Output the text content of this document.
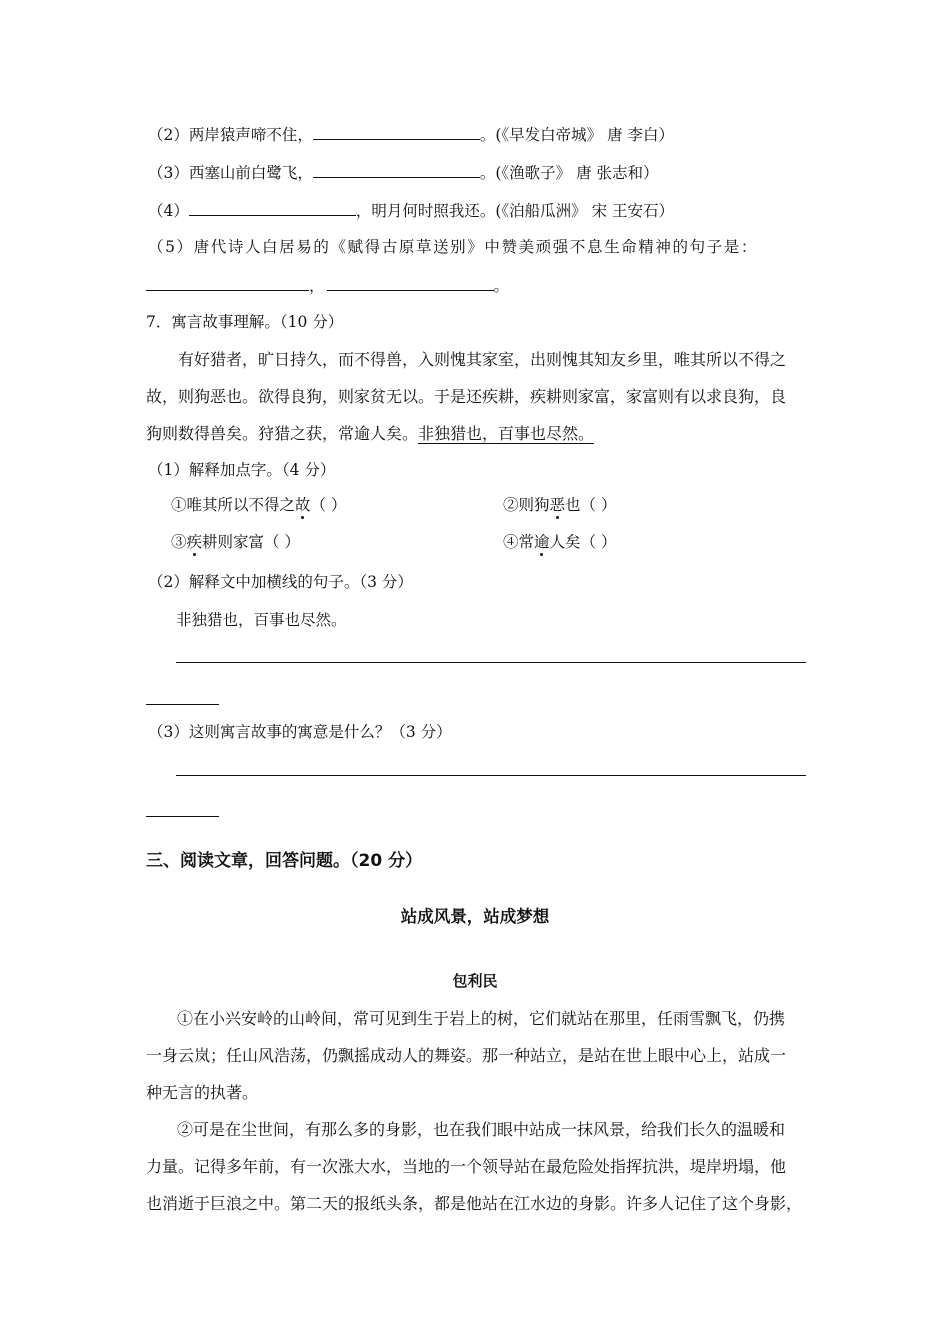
（2）两岸猿声啼不住，	。(《早发白帝城》 唐 李白）
（3）西塞山前白鹭飞，	。(《渔歌子》 唐 张志和）
（4）	，明月何时照我还。(《泊船瓜洲》 宋 王安石）
（5）唐代诗人白居易的《赋得古原草送别》中赞美顽强不息生命精神的句子是：
，	。
7．寓言故事理解。（10 分）
有好猎者，旷日持久，而不得兽，入则愧其家室，出则愧其知友乡里，唯其所以不得之
故，则狗恶也。欲得良狗，则家贫无以。于是还疾耕，疾耕则家富，家富则有以求良狗，良
狗则数得兽矣。狩猎之获，常逾人矣。非独猎也，百事也尽然。
（1）解释加点字。（4 分）
①唯其所以不得之故（ ）	②则狗恶也（ ）
③疾耕则家富（ ）	④常逾人矣（ ）
（2）解释文中加横线的句子。（3 分）
非独猎也，百事也尽然。
（3）这则寓言故事的寓意是什么？（3 分）
三、阅读文章，回答问题。（20 分）
站成风景，站成梦想
包利民
①在小兴安岭的山岭间，常可见到生于岩上的树，它们就站在那里，任雨雪飘飞，仍携
一身云岚；任山风浩荡，仍飘摇成动人的舞姿。那一种站立，是站在世上眼中心上，站成一
种无言的执著。
②可是在尘世间，有那么多的身影，也在我们眼中站成一抹风景，给我们长久的温暖和
力量。记得多年前，有一次涨大水，当地的一个领导站在最危险处指挥抗洪，堤岸坍塌，他
也消逝于巨浪之中。第二天的报纸头条，都是他站在江水边的身影。许多人记住了这个身影，
